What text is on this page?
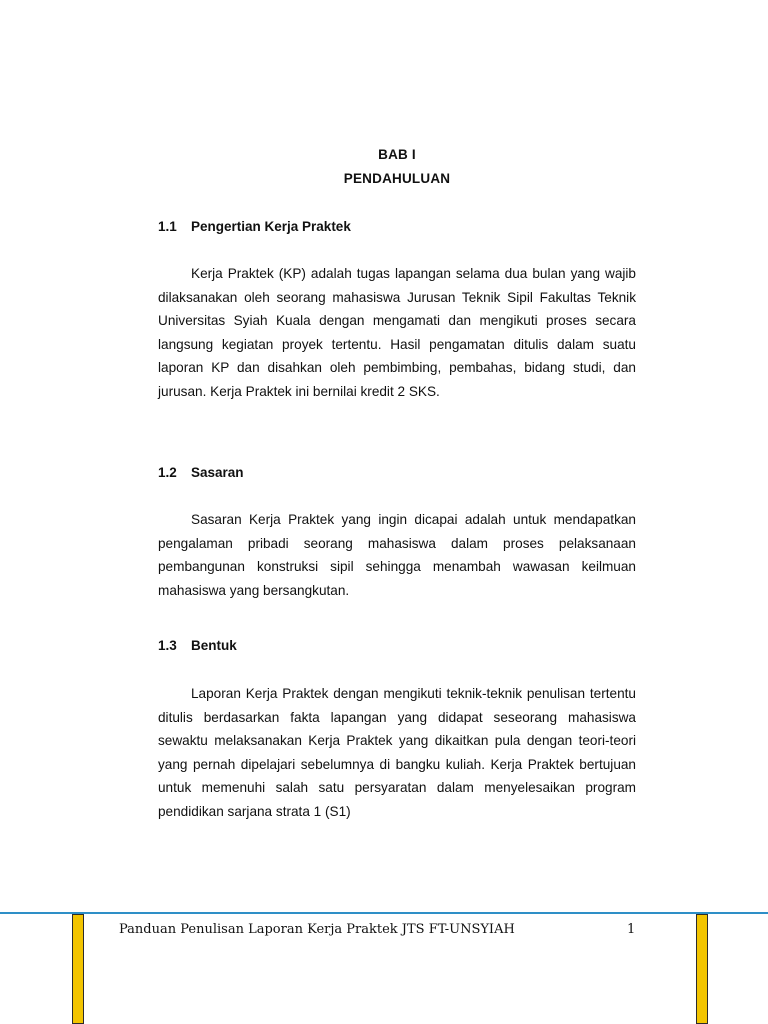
BAB I
PENDAHULUAN
1.1 Pengertian Kerja Praktek

Kerja Praktek (KP) adalah tugas lapangan selama dua bulan yang wajib dilaksanakan oleh seorang mahasiswa Jurusan Teknik Sipil Fakultas Teknik Universitas Syiah Kuala dengan mengamati dan mengikuti proses secara langsung kegiatan proyek tertentu. Hasil pengamatan ditulis dalam suatu laporan KP dan disahkan oleh pembimbing, pembahas, bidang studi, dan jurusan. Kerja Praktek ini bernilai kredit 2 SKS.

1.2 Sasaran

Sasaran Kerja Praktek yang ingin dicapai adalah untuk mendapatkan pengalaman pribadi seorang mahasiswa dalam proses pelaksanaan pembangunan konstruksi sipil sehingga menambah wawasan keilmuan mahasiswa yang bersangkutan.

1.3 Bentuk

Laporan Kerja Praktek dengan mengikuti teknik-teknik penulisan tertentu ditulis berdasarkan fakta lapangan yang didapat seseorang mahasiswa sewaktu melaksanakan Kerja Praktek yang dikaitkan pula dengan teori-teori yang pernah dipelajari sebelumnya di bangku kuliah. Kerja Praktek bertujuan untuk memenuhi salah satu persyaratan dalam menyelesaikan program pendidikan sarjana strata 1 (S1)

Panduan Penulisan Laporan Kerja Praktek JTS FT-UNSYIAH	1
